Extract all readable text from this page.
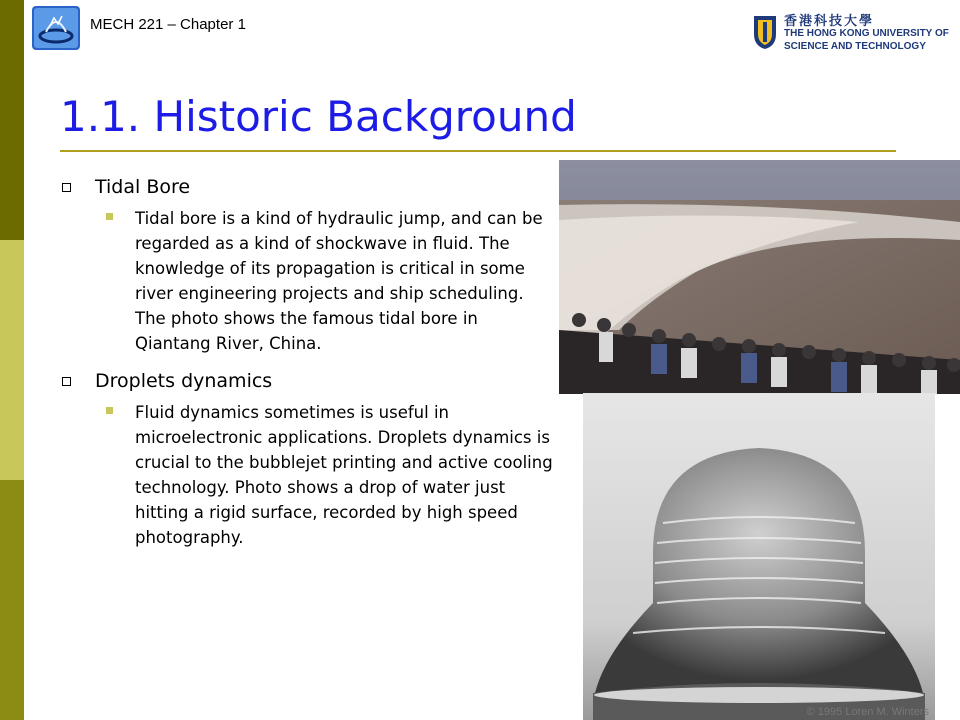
MECH 221 – Chapter 1	香港科技大學
THE HONG KONG UNIVERSITY OF
SCIENCE AND TECHNOLOGY
1.1. Historic Background
Tidal Bore
Tidal bore is a kind of hydraulic jump, and can be regarded as a kind of shockwave in fluid. The knowledge of its propagation is critical in some river engineering projects and ship scheduling. The photo shows the famous tidal bore in Qiantang River, China.
Droplets dynamics
Fluid dynamics sometimes is useful in microelectronic applications. Droplets dynamics is crucial to the bubblejet printing and active cooling technology. Photo shows a drop of water just hitting a rigid surface, recorded by high speed photography.
© 1995 Loren M. Winters
